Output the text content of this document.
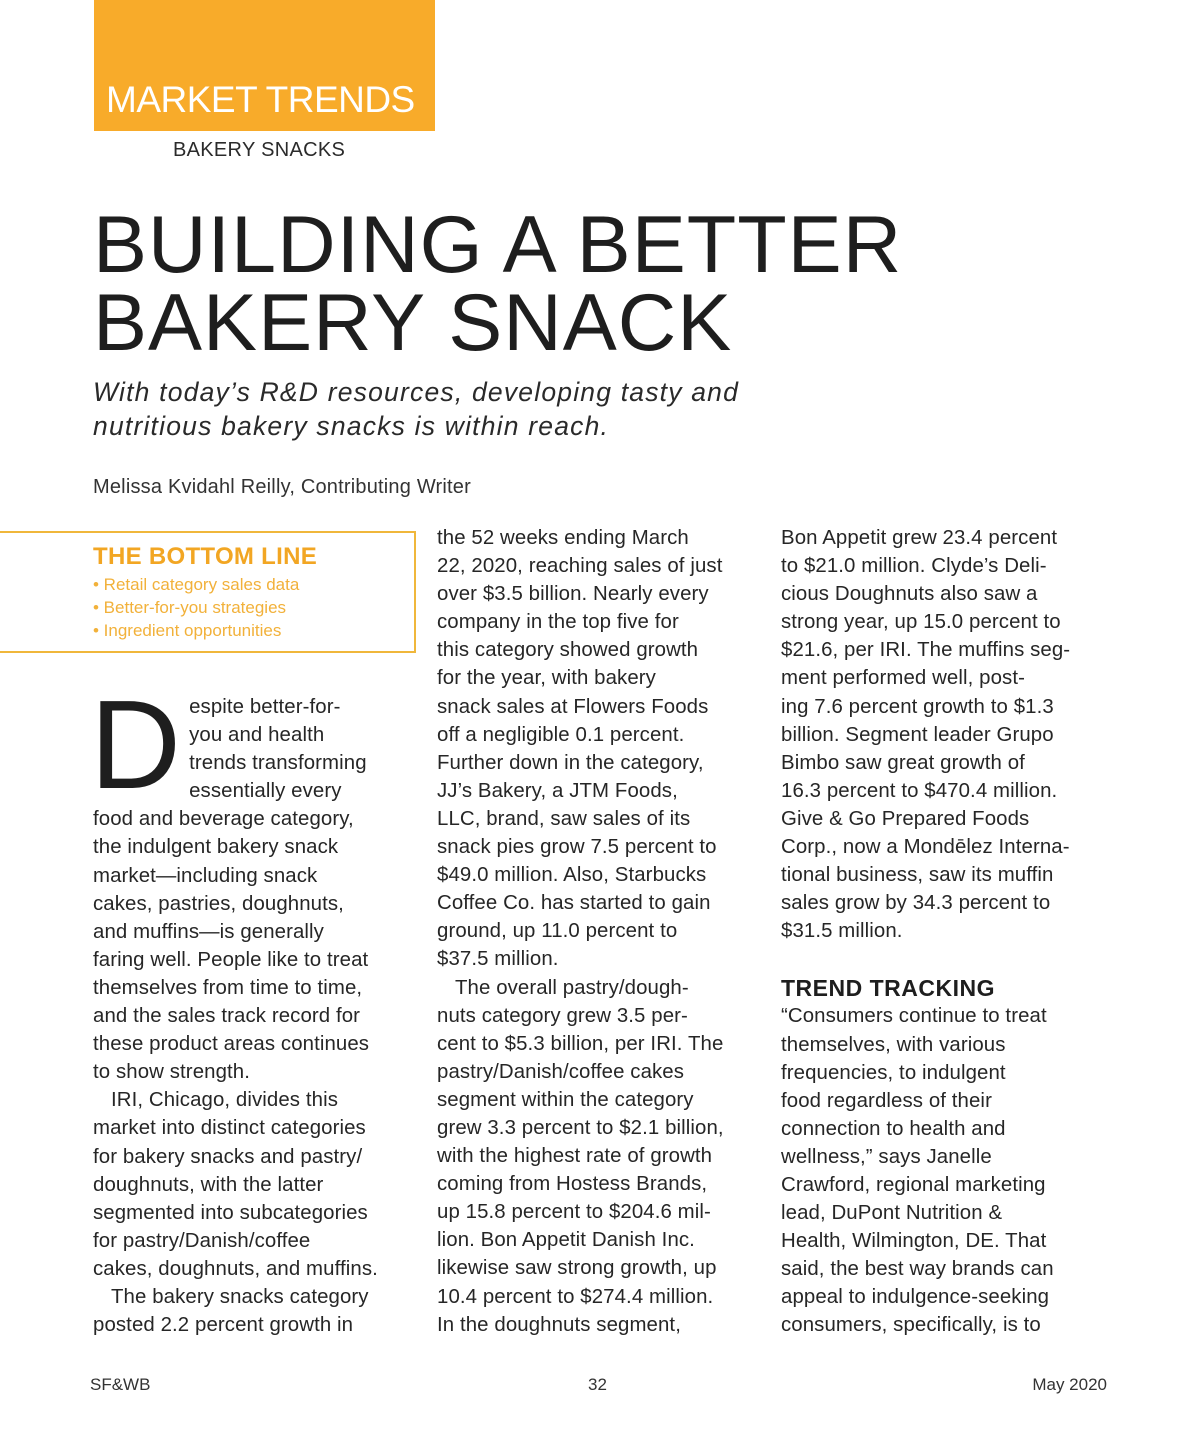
MARKET TRENDS
BAKERY SNACKS
BUILDING A BETTER
BAKERY SNACK
With today’s R&D resources, developing tasty and
nutritious bakery snacks is within reach.
Melissa Kvidahl Reilly, Contributing Writer
THE BOTTOM LINE
• Retail category sales data
• Better-for-you strategies
• Ingredient opportunities
D espite better-for-
you and health
trends transforming
essentially every
food and beverage category,
the indulgent bakery snack
market—including snack
cakes, pastries, doughnuts,
and muffins—is generally
faring well. People like to treat
themselves from time to time,
and the sales track record for
these product areas continues
to show strength.
IRI, Chicago, divides this
market into distinct categories
for bakery snacks and pastry/
doughnuts, with the latter
segmented into subcategories
for pastry/Danish/coffee
cakes, doughnuts, and muffins.
The bakery snacks category
posted 2.2 percent growth in
the 52 weeks ending March
22, 2020, reaching sales of just
over $3.5 billion. Nearly every
company in the top five for
this category showed growth
for the year, with bakery
snack sales at Flowers Foods
off a negligible 0.1 percent.
Further down in the category,
JJ’s Bakery, a JTM Foods,
LLC, brand, saw sales of its
snack pies grow 7.5 percent to
$49.0 million. Also, Starbucks
Coffee Co. has started to gain
ground, up 11.0 percent to
$37.5 million.
The overall pastry/dough-
nuts category grew 3.5 per-
cent to $5.3 billion, per IRI. The
pastry/Danish/coffee cakes
segment within the category
grew 3.3 percent to $2.1 billion,
with the highest rate of growth
coming from Hostess Brands,
up 15.8 percent to $204.6 mil-
lion. Bon Appetit Danish Inc.
likewise saw strong growth, up
10.4 percent to $274.4 million.
In the doughnuts segment,
Bon Appetit grew 23.4 percent
to $21.0 million. Clyde’s Deli-
cious Doughnuts also saw a
strong year, up 15.0 percent to
$21.6, per IRI. The muffins seg-
ment performed well, post-
ing 7.6 percent growth to $1.3
billion. Segment leader Grupo
Bimbo saw great growth of
16.3 percent to $470.4 million.
Give & Go Prepared Foods
Corp., now a Mondēlez Interna-
tional business, saw its muffin
sales grow by 34.3 percent to
$31.5 million.
TREND TRACKING
“Consumers continue to treat
themselves, with various
frequencies, to indulgent
food regardless of their
connection to health and
wellness,” says Janelle
Crawford, regional marketing
lead, DuPont Nutrition &
Health, Wilmington, DE. That
said, the best way brands can
appeal to indulgence-seeking
consumers, specifically, is to
SF&WB	32	May 2020
